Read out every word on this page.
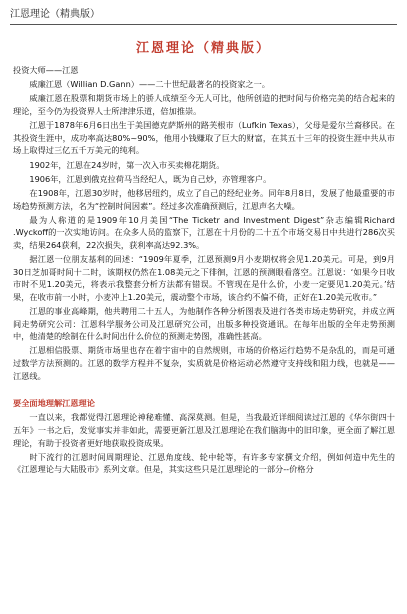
江恩理论（精典版）
江恩理论（精典版）

投资大师——江恩

威廉江恩（Willian D.Gann）——二十世纪最著名的投资家之一。

威廉江恩在股票和期货市场上的骄人成绩至今无人可比，他所创造的把时间与价格完美的结合起来的理论，至今仍为投资界人士所津津乐道，倍加推崇。

江恩于1878年6月6日出生于美国德克萨斯州的路芙根市（Lufkin Texas），父母是爱尔兰裔移民。在其投资生涯中，成功率高达80%~90%，他用小钱赚取了巨大的财富，在其五十三年的投资生涯中共从市场上取得过三亿五千万美元的纯利。

1902年，江恩在24岁时，第一次入市买卖棉花期货。

1906年，江恩到俄克拉荷马当经纪人，既为自己炒，亦管理客户。

在1908年，江恩30岁时，他移居纽约，成立了自己的经纪业务。同年8月8日，发展了他最重要的市场趋势预测方法，名为“控制时间因素”。经过多次准确预测后，江恩声名大噪。

最为人称道的是1909年10月美国“The Ticketr and Investment Digest”杂志编辑Richard .Wyckoff的一次实地访问。在众多人员的监察下，江恩在十月份的二十五个市场交易日中共进行286次买卖，结果264获利，22次损失，获利率高达92.3%。

据江恩一位朋友基利的回述：“1909年夏季，江恩预测9月小麦期权将会见1.20美元。可是，到9月30日芝加哥时间十二时，该期权仍然在1.08美元之下徘徊，江恩的预测眼看落空。江恩说：‘如果今日收市时不见1.20美元，将表示我整套分析方法都有错误。不管现在是什么价，小麦一定要见1.20美元。’结果，在收市前一小时，小麦冲上1.20美元，震动整个市场，该合约不偏不倚，正好在1.20美元收市。”

江恩的事业高峰期，他共聘用二十五人，为他制作各种分析图表及进行各类市场走势研究，并成立两间走势研究公司：江恩科学服务公司及江恩研究公司，出版多种投资通讯。在每年出版的全年走势预测中，他清楚的绘制在什么时间出什么价位的预测走势图，准确性甚高。

江恩相信股票、期货市场里也存在着宇宙中的自然规则，市场的价格运行趋势不是杂乱的，而是可通过数学方法预测的。江恩的数学方程并不复杂，实质就是价格运动必然遵守支持线和阻力线，也就是——江恩线。

要全面地理解江恩理论

一直以来，我都觉得江恩理论神秘难懂、高深莫测。但是，当我最近详细阅读过江恩的《华尔街四十五年》一书之后，发觉事实并非如此，需要更新江恩及江恩理论在我们脑海中的旧印象，更全面了解江恩理论，有助于投资者更好地获取投资成果。

时下流行的江恩时间周期理论、江恩角度线、轮中轮等，有许多专家撰文介绍，例如何造中先生的《江恩理论与大陆股市》系列文章。但是，其实这些只是江恩理论的一部分--价格分
